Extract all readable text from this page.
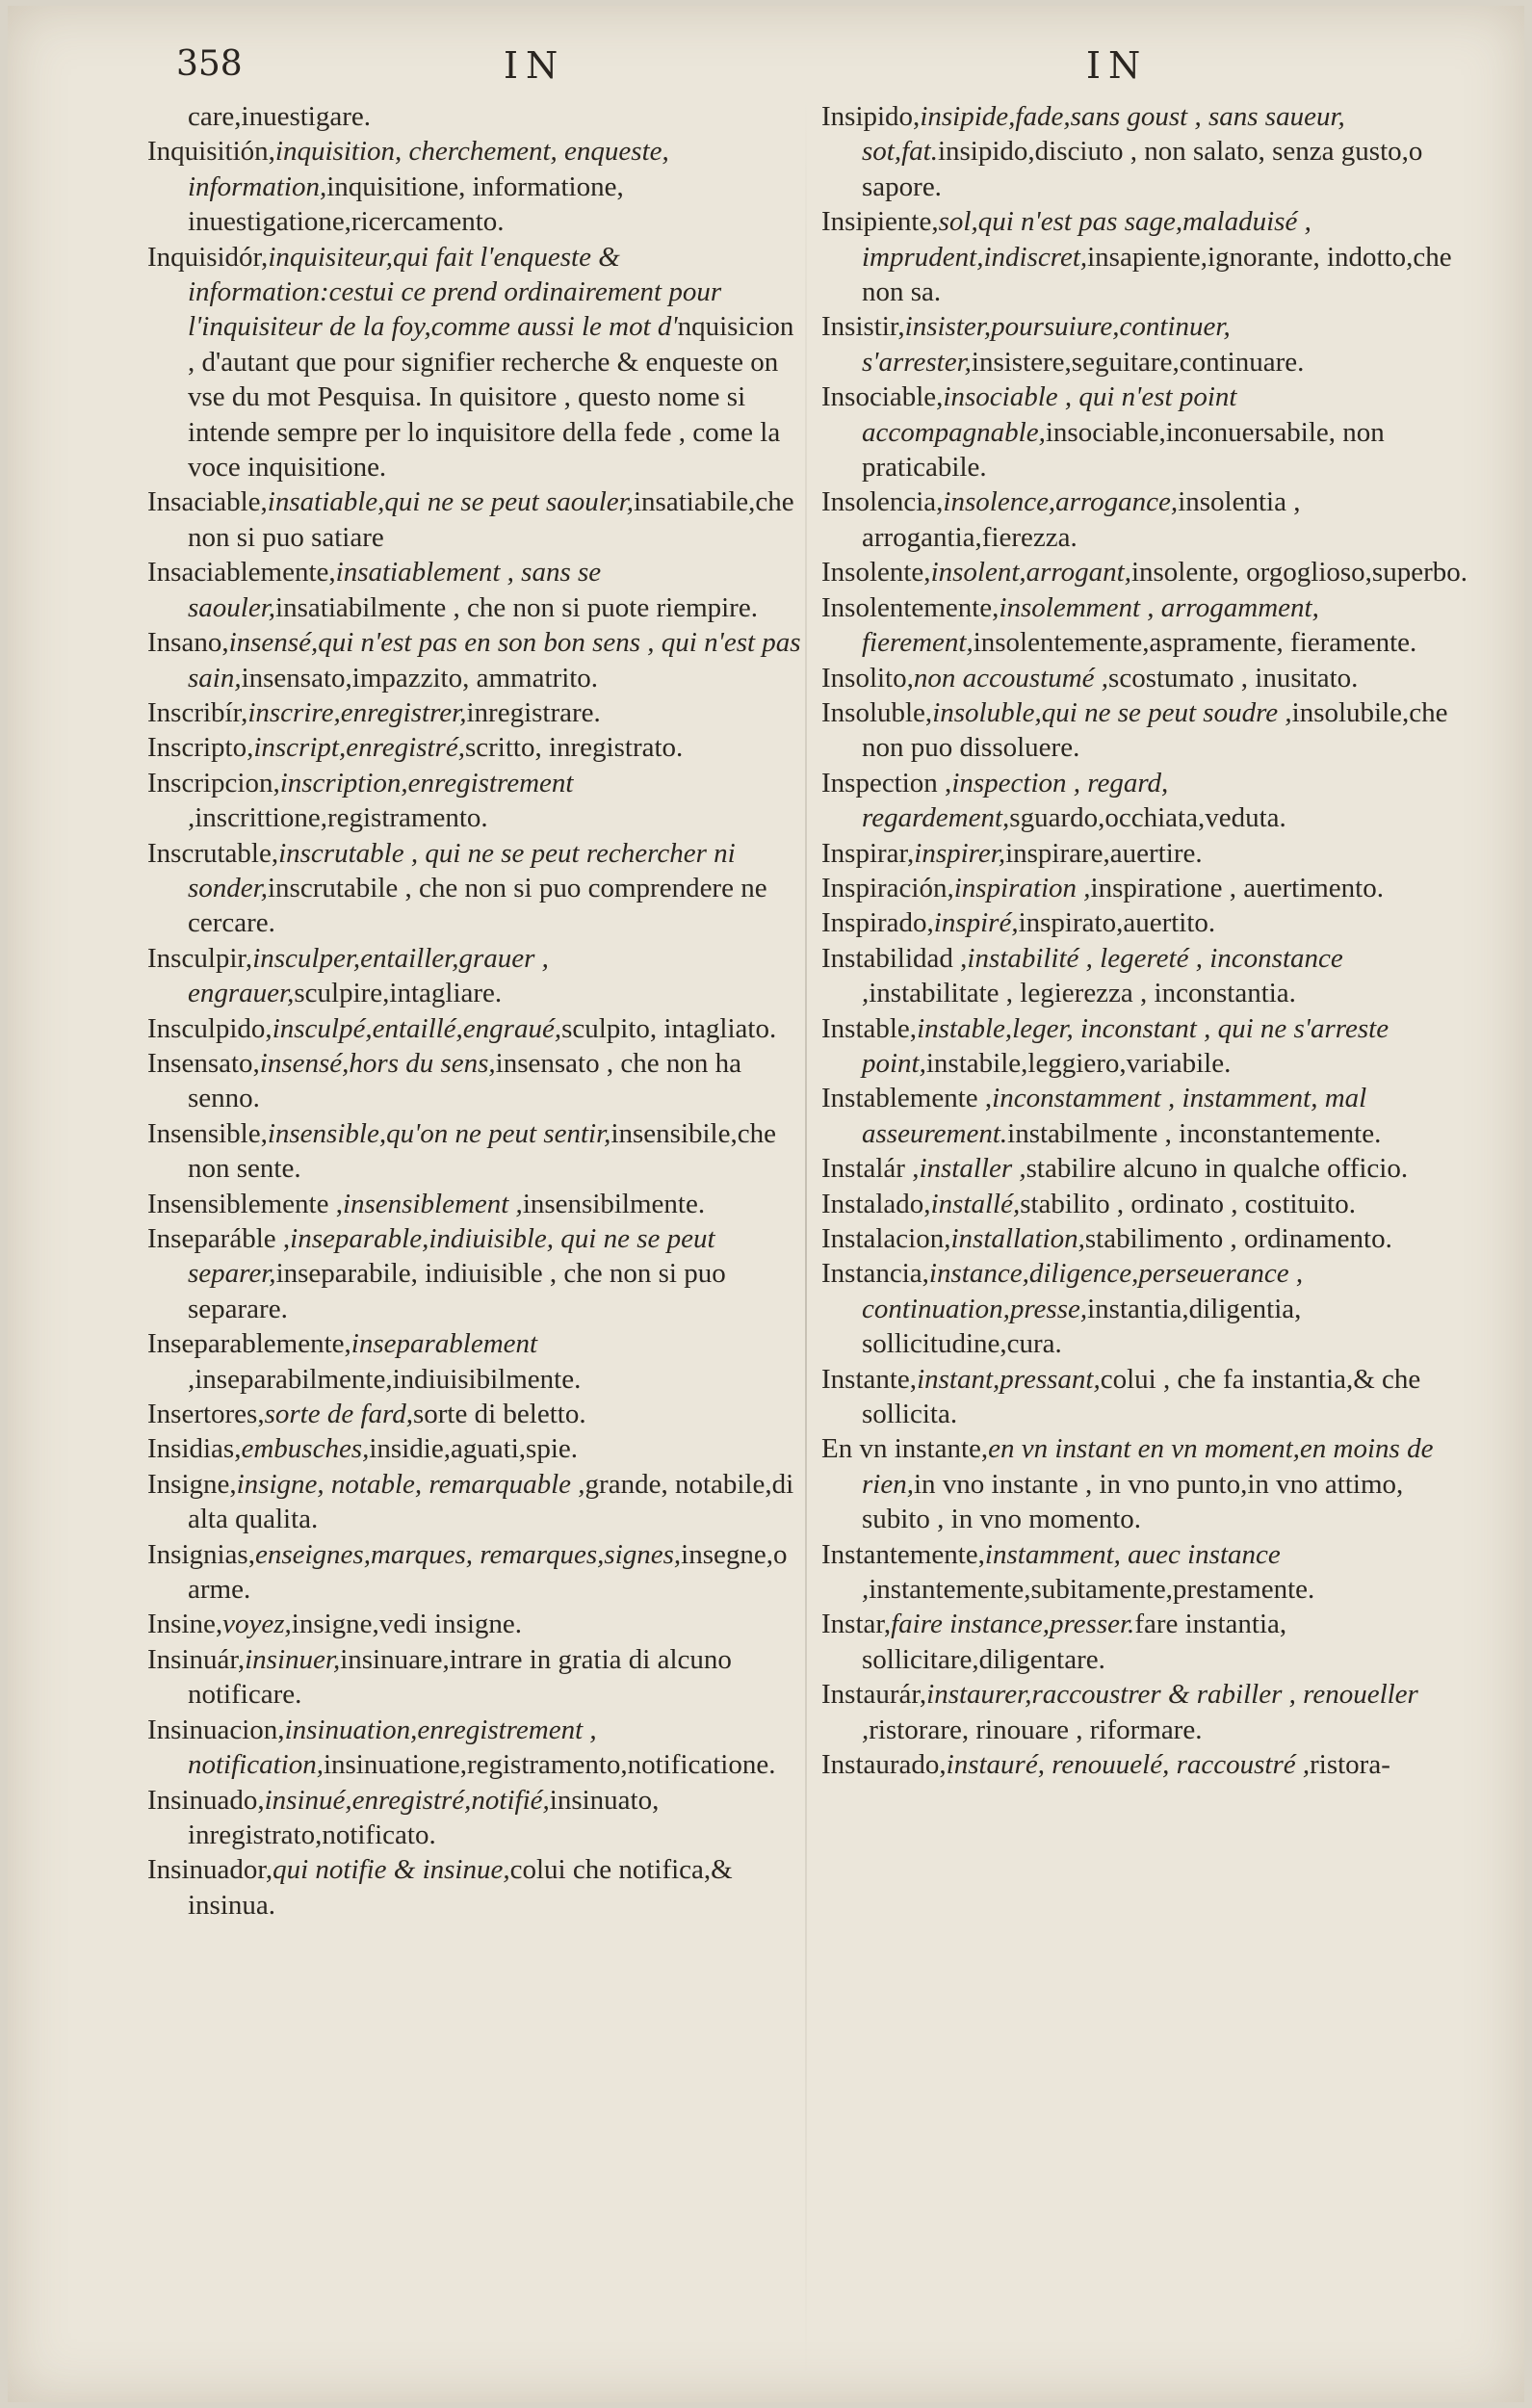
358	IN	IN

care,inuestigare.

Inquisitión,inquisition, cherchement, enqueste, information,inquisitione, informatione, inuestigatione,ricercamento.

Inquisidór,inquisiteur,qui fait l'enqueste & information:cestui ce prend ordinairement pour l'inquisiteur de la foy,comme aussi le mot d'nquisicion , d'autant que pour signifier recherche & enqueste on vse du mot Pesquisa. In quisitore , questo nome si intende sempre per lo inquisitore della fede , come la voce inquisitione.

Insaciable,insatiable,qui ne se peut saouler,insatiabile,che non si puo satiare

Insaciablemente,insatiablement , sans se saouler,insatiabilmente , che non si puote riempire.

Insano,insensé,qui n'est pas en son bon sens , qui n'est pas sain,insensato,impazzito, ammatrito.

Inscribír,inscrire,enregistrer,inregistrare.

Inscripto,inscript,enregistré,scritto, inregistrato.

Inscripcion,inscription,enregistrement ,inscrittione,registramento.

Inscrutable,inscrutable , qui ne se peut rechercher ni sonder,inscrutabile , che non si puo comprendere ne cercare.

Insculpir,insculper,entailler,grauer , engrauer,sculpire,intagliare.

Insculpido,insculpé,entaillé,engraué,sculpito, intagliato.

Insensato,insensé,hors du sens,insensato , che non ha senno.

Insensible,insensible,qu'on ne peut sentir,insensibile,che non sente.

Insensiblemente ,insensiblement ,insensibilmente.

Inseparáble ,inseparable,indiuisible, qui ne se peut separer,inseparabile, indiuisible , che non si puo separare.

Inseparablemente,inseparablement ,inseparabilmente,indiuisibilmente.

Insertores,sorte de fard,sorte di beletto.

Insidias,embusches,insidie,aguati,spie.

Insigne,insigne, notable, remarquable ,grande, notabile,di alta qualita.

Insignias,enseignes,marques, remarques,signes,insegne,o arme.

Insine,voyez,insigne,vedi insigne.

Insinuár,insinuer,insinuare,intrare in gratia di alcuno notificare.

Insinuacion,insinuation,enregistrement , notification,insinuatione,registramento,notificatione.

Insinuado,insinué,enregistré,notifié,insinuato, inregistrato,notificato.

Insinuador,qui notifie & insinue,colui che notifica,& insinua.

Insipido,insipide,fade,sans goust , sans saueur, sot,fat.insipido,disciuto , non salato, senza gusto,o sapore.

Insipiente,sol,qui n'est pas sage,maladuisé , imprudent,indiscret,insapiente,ignorante, indotto,che non sa.

Insistir,insister,poursuiure,continuer, s'arrester,insistere,seguitare,continuare.

Insociable,insociable , qui n'est point accompagnable,insociable,inconuersabile, non praticabile.

Insolencia,insolence,arrogance,insolentia , arrogantia,fierezza.

Insolente,insolent,arrogant,insolente, orgoglioso,superbo.

Insolentemente,insolemment , arrogamment, fierement,insolentemente,aspramente, fieramente.

Insolito,non accoustumé ,scostumato , inusitato.

Insoluble,insoluble,qui ne se peut soudre ,insolubile,che non puo dissoluere.

Inspection ,inspection , regard, regardement,sguardo,occhiata,veduta.

Inspirar,inspirer,inspirare,auertire.

Inspiración,inspiration ,inspiratione , auertimento.

Inspirado,inspiré,inspirato,auertito.

Instabilidad ,instabilité , legereté , inconstance ,instabilitate , legierezza , inconstantia.

Instable,instable,leger, inconstant , qui ne s'arreste point,instabile,leggiero,variabile.

Instablemente ,inconstamment , instamment, mal asseurement.instabilmente , inconstantemente.

Instalár ,installer ,stabilire alcuno in qualche officio.

Instalado,installé,stabilito , ordinato , costituito.

Instalacion,installation,stabilimento , ordinamento.

Instancia,instance,diligence,perseuerance , continuation,presse,instantia,diligentia, sollicitudine,cura.

Instante,instant,pressant,colui , che fa instantia,& che sollicita.

En vn instante,en vn instant en vn moment,en moins de rien,in vno instante , in vno punto,in vno attimo, subito , in vno momento.

Instantemente,instamment, auec instance ,instantemente,subitamente,prestamente.

Instar,faire instance,presser.fare instantia, sollicitare,diligentare.

Instaurár,instaurer,raccoustrer & rabiller , renoueller ,ristorare, rinouare , riformare.

Instaurado,instauré, renouuelé, raccoustré ,ristora-
